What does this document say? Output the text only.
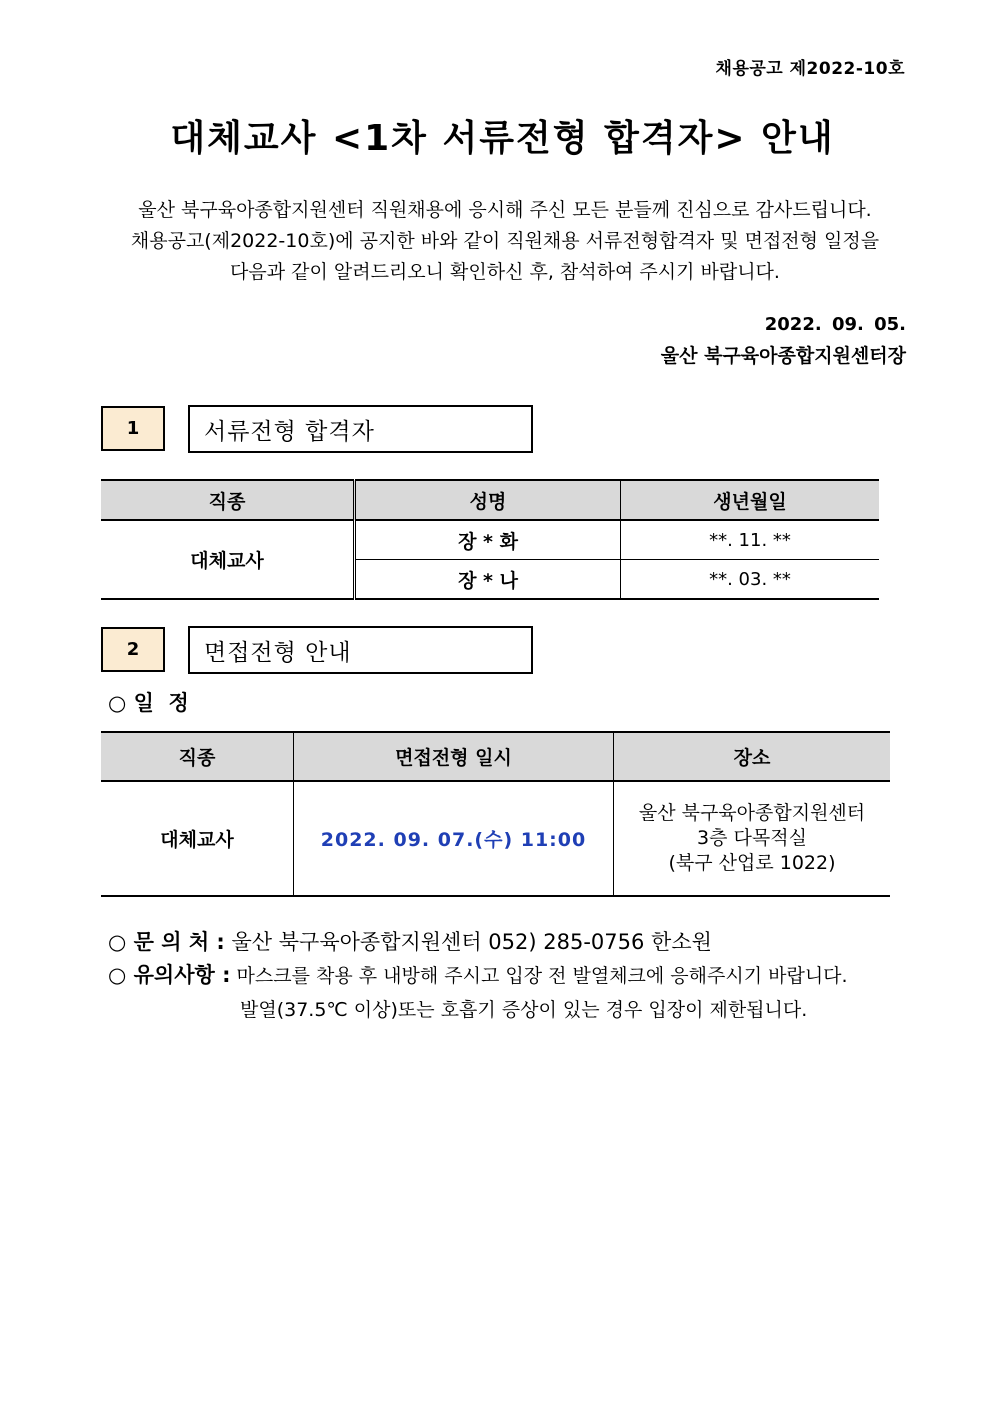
채용공고 제2022-10호
대체교사 <1차 서류전형 합격자> 안내
울산 북구육아종합지원센터 직원채용에 응시해 주신 모든 분들께 진심으로 감사드립니다.
채용공고(제2022-10호)에 공지한 바와 같이 직원채용 서류전형합격자 및 면접전형 일정을
다음과 같이 알려드리오니 확인하신 후, 참석하여 주시기 바랍니다.
2022. 09. 05.
울산 북구육아종합지원센터장
1	서류전형 합격자
직종	성명	생년월일
대체교사	장 * 화	**. 11. **
	장 * 나	**. 03. **
2	면접전형 안내
○ 일  정
직종	면접전형 일시	장소
대체교사	2022. 09. 07.(수) 11:00	울산 북구육아종합지원센터
3층 다목적실
(북구 산업로 1022)
○ 문 의 처 : 울산 북구육아종합지원센터 052) 285-0756 한소원
○ 유의사항 : 마스크를 착용 후 내방해 주시고 입장 전 발열체크에 응해주시기 바랍니다.
발열(37.5℃ 이상)또는 호흡기 증상이 있는 경우 입장이 제한됩니다.
